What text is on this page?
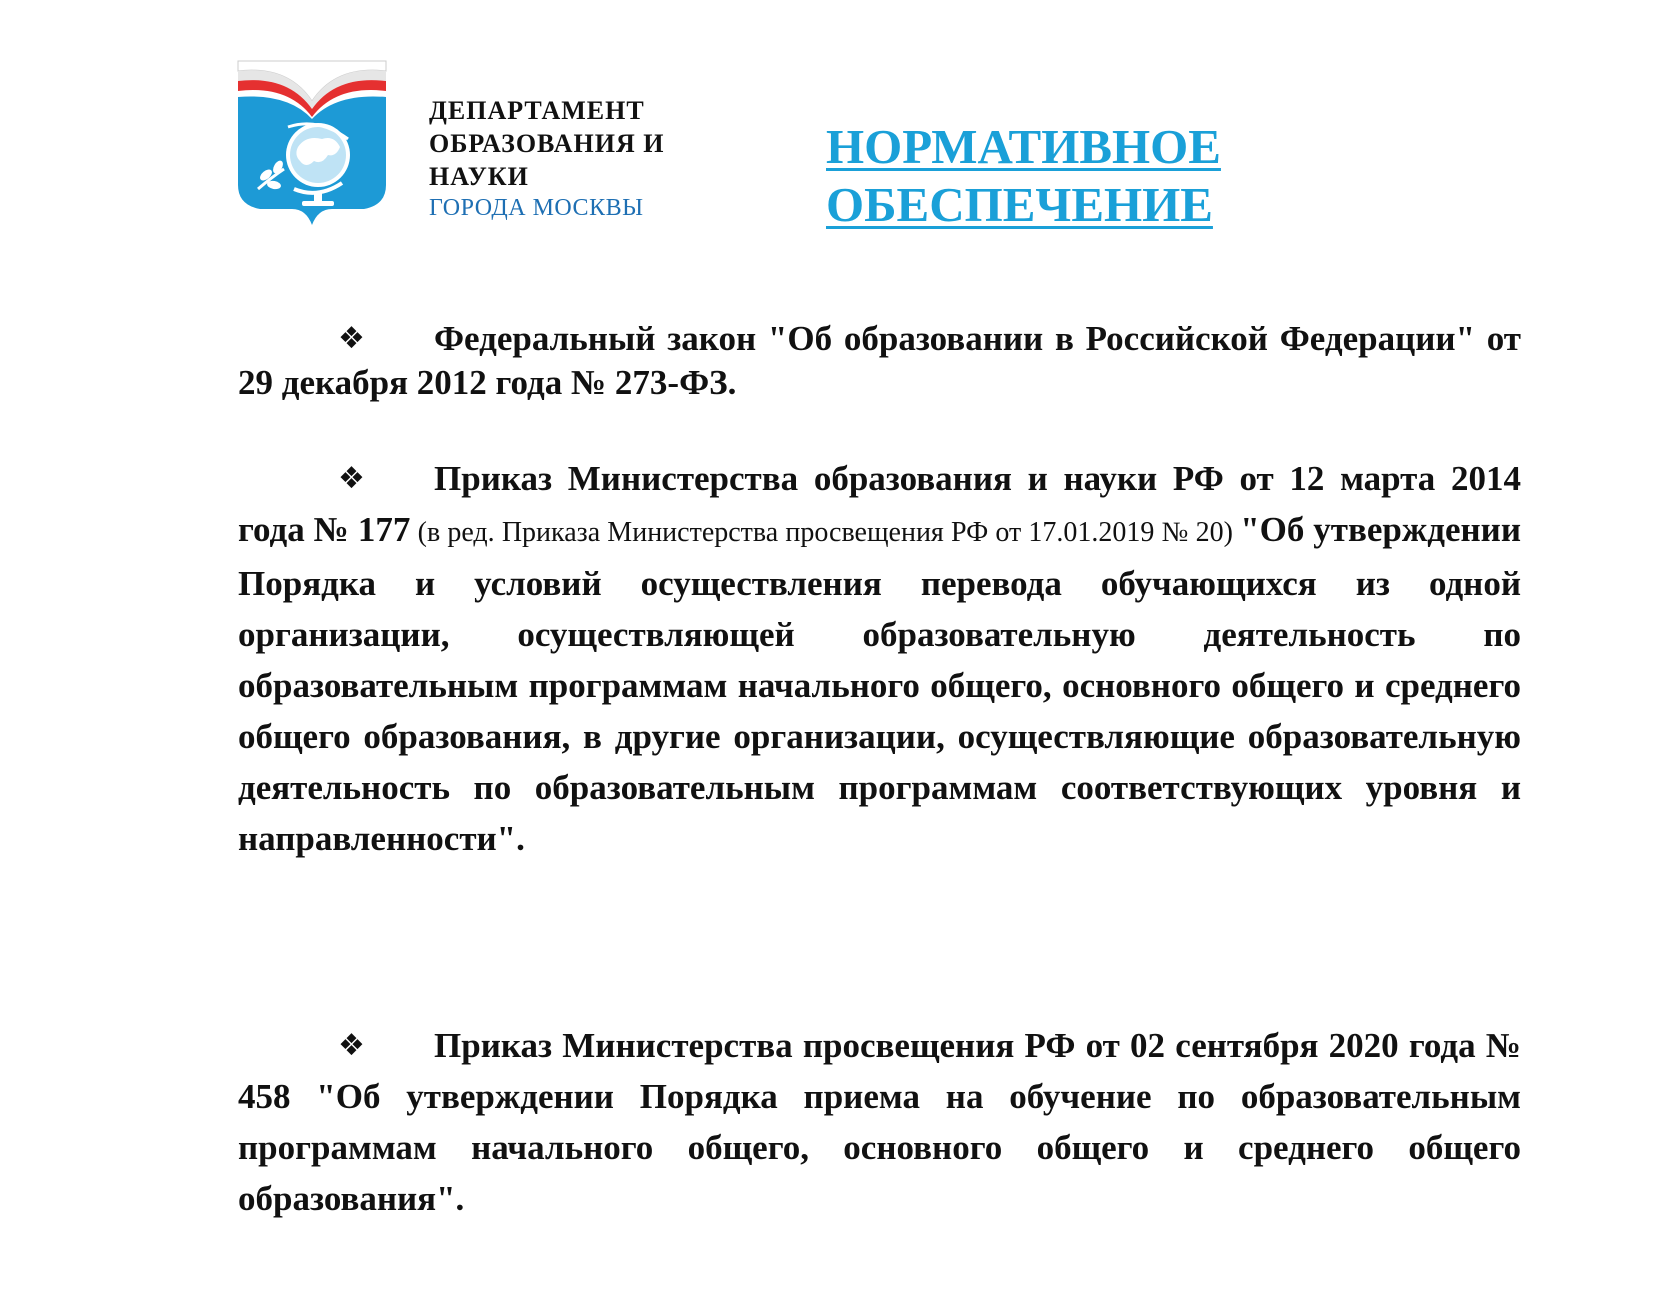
ДЕПАРТАМЕНТ
ОБРАЗОВАНИЯ И
НАУКИ
ГОРОДА МОСКВЫ
НОРМАТИВНОЕ
ОБЕСПЕЧЕНИЕ
❖ Федеральный закон "Об образовании в Российской Федерации" от 29 декабря 2012 года № 273-ФЗ.
❖ Приказ Министерства образования и науки РФ от 12 марта 2014 года № 177 (в ред. Приказа Министерства просвещения РФ от 17.01.2019 № 20) "Об утверждении Порядка и условий осуществления перевода обучающихся из одной организации, осуществляющей образовательную деятельность по образовательным программам начального общего, основного общего и среднего общего образования, в другие организации, осуществляющие образовательную деятельность по образовательным программам соответствующих уровня и направленности".
❖ Приказ Министерства просвещения РФ от 02 сентября 2020 года № 458 "Об утверждении Порядка приема на обучение по образовательным программам начального общего, основного общего и среднего общего образования".
